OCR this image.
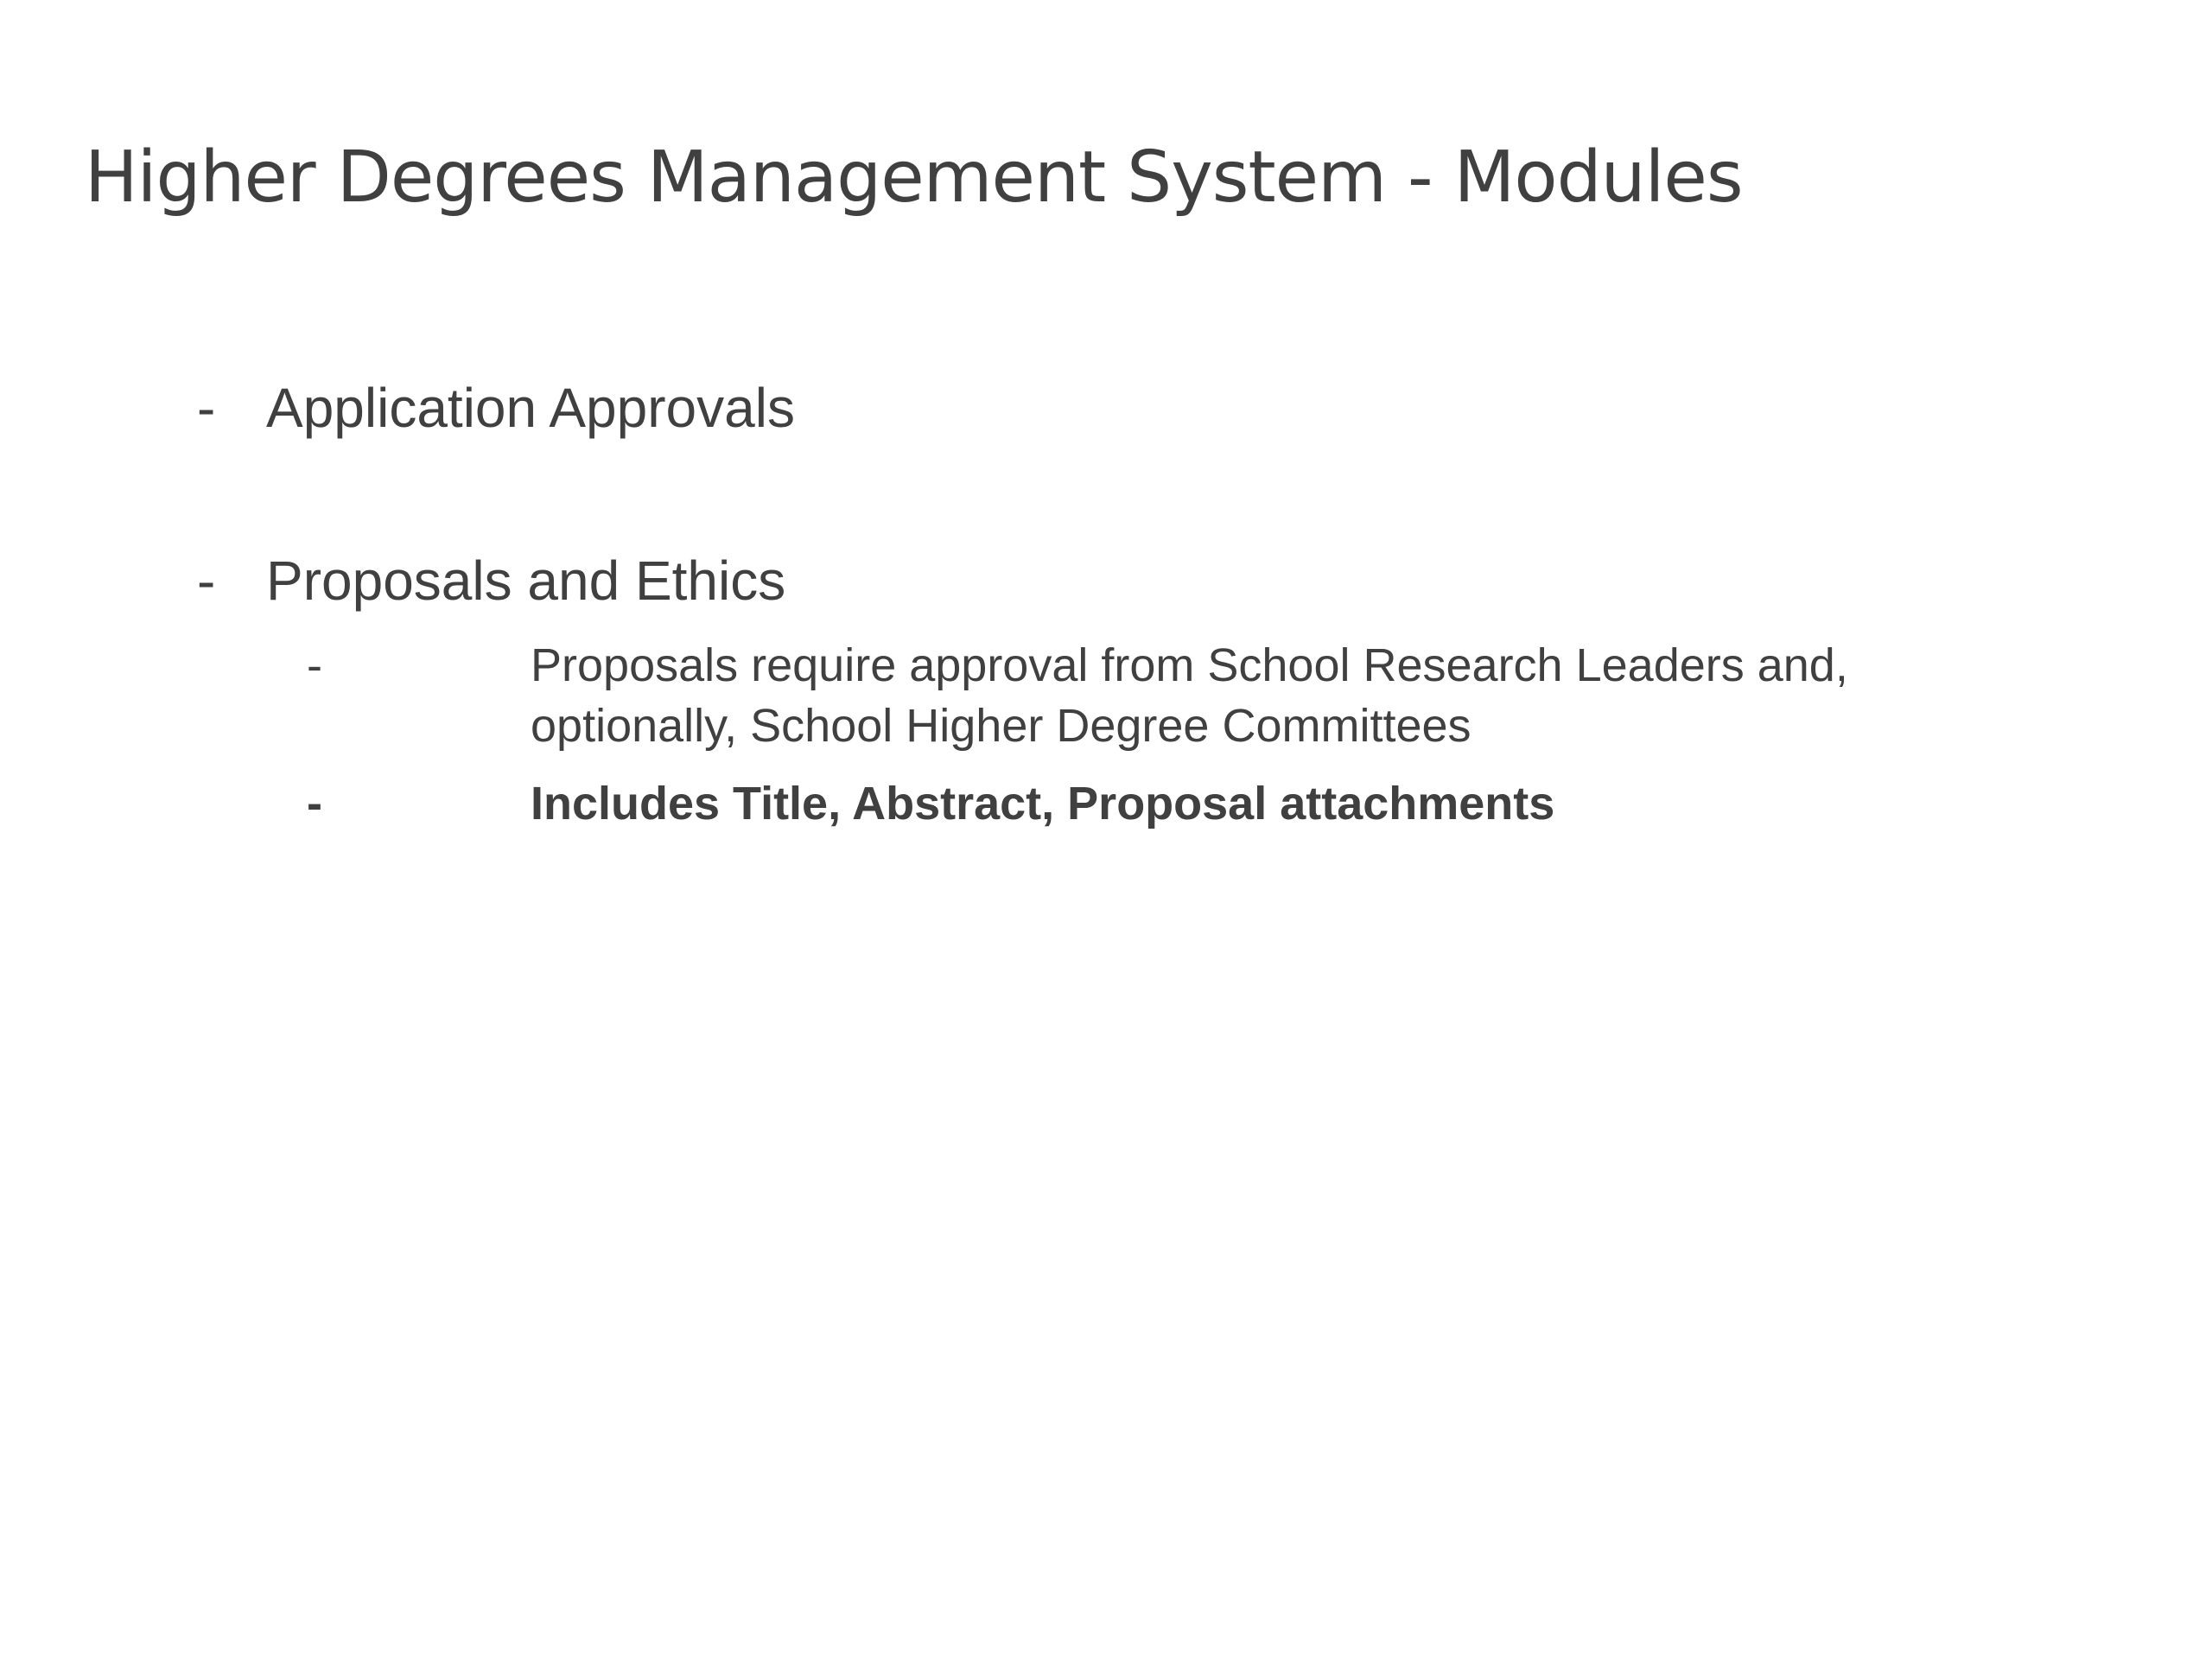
Higher Degrees Management System - Modules
- Application Approvals
- Proposals and Ethics
-	Proposals require approval from School Research Leaders and,
optionally, School Higher Degree Committees
-	Includes Title, Abstract, Proposal attachments
